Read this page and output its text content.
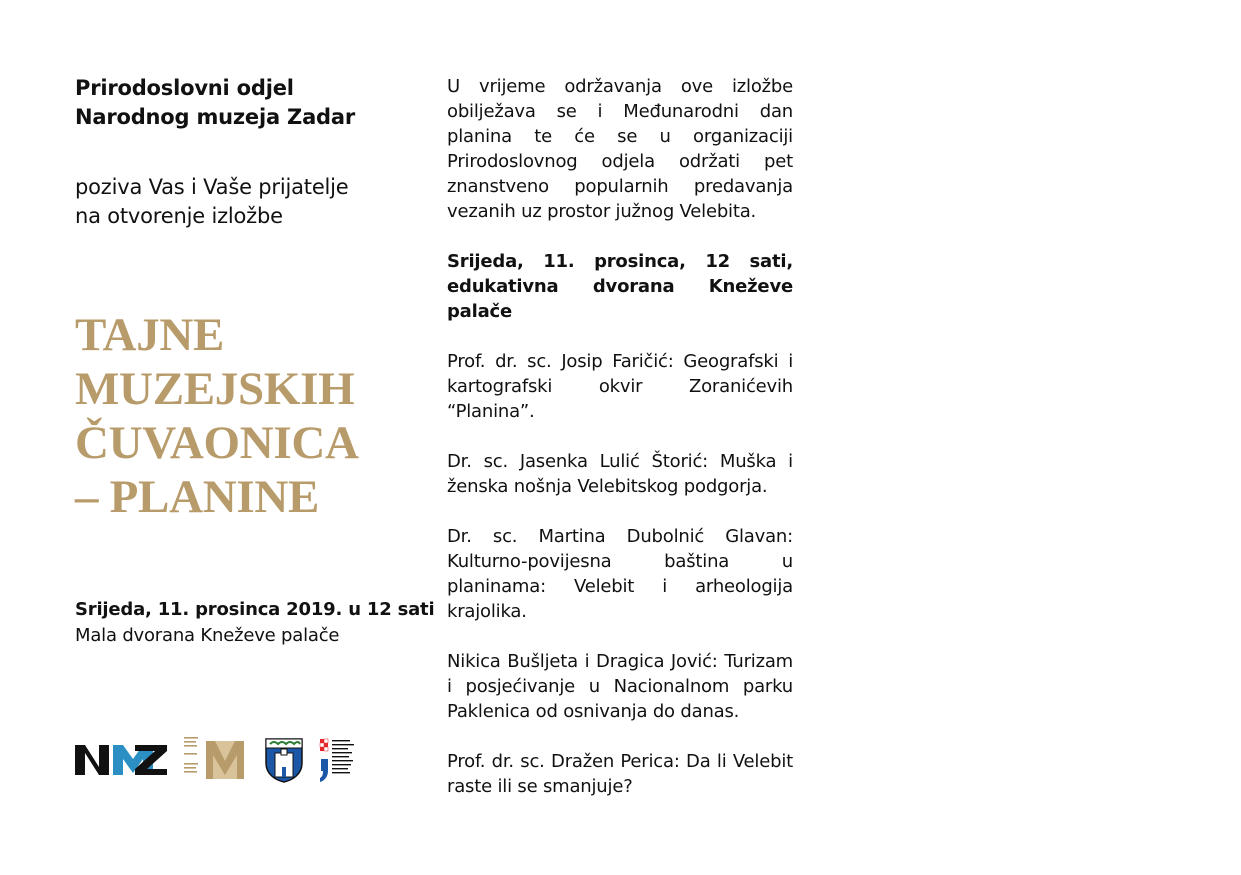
Prirodoslovni odjel
Narodnog muzeja Zadar

poziva Vas i Vaše prijatelje
na otvorenje izložbe

TAJNE
MUZEJSKIH
ČUVAONICA
– PLANINE
Srijeda, 11. prosinca 2019. u 12 sati
Mala dvorana Kneževe palače

U vrijeme održavanja ove izložbe obilježava se i Međunarodni dan planina te će se u organizaciji Prirodoslovnog odjela održati pet znanstveno popularnih predavanja vezanih uz prostor južnog Velebita.

Srijeda, 11. prosinca, 12 sati, edukativna dvorana Kneževe palače

Prof. dr. sc. Josip Faričić: Geografski i kartografski okvir Zoranićevih “Planina”.

Dr. sc. Jasenka Lulić Štorić: Muška i ženska nošnja Velebitskog podgorja.

Dr. sc. Martina Dubolnić Glavan: Kulturno-povijesna baština u planinama: Velebit i arheologija krajolika.

Nikica Bušljeta i Dragica Jović: Turizam i posjećivanje u Nacionalnom parku Paklenica od osnivanja do danas.

Prof. dr. sc. Dražen Perica: Da li Velebit raste ili se smanjuje?
